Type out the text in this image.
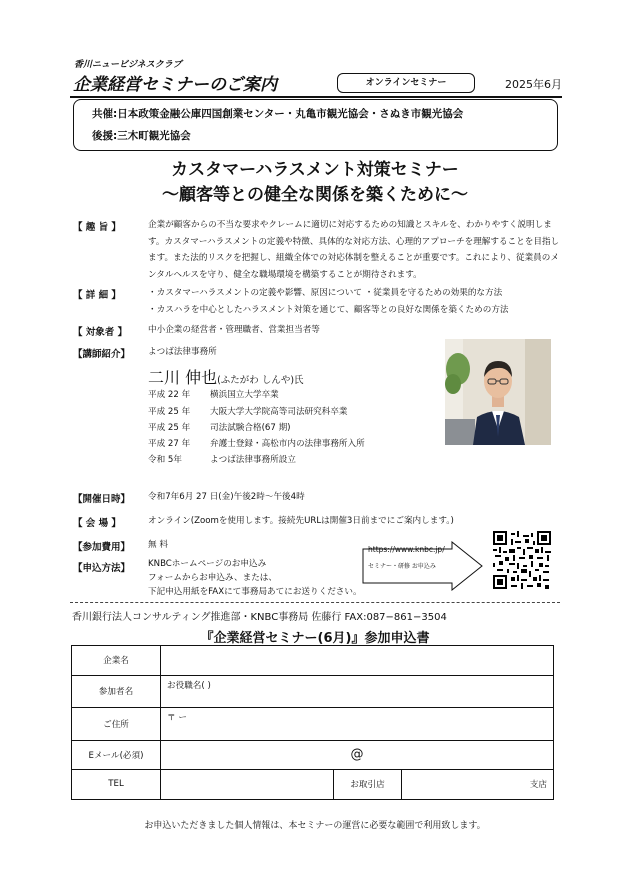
香川ニュービジネスクラブ
企業経営セミナーのご案内	オンラインセミナー	2025年6月
共催:日本政策金融公庫四国創業センター・丸亀市観光協会・さぬき市観光協会
後援:三木町観光協会
カスタマーハラスメント対策セミナー
〜顧客等との健全な関係を築くために〜
【 趣 旨 】	企業が顧客からの不当な要求やクレームに適切に対応するための知識とスキルを、わかりやすく説明します。カスタマーハラスメントの定義や特徴、具体的な対応方法、心理的アプローチを理解することを目指します。また法的リスクを把握し、組織全体での対応体制を整えることが重要です。これにより、従業員のメンタルヘルスを守り、健全な職場環境を構築することが期待されます。
【 詳 細 】	・カスタマーハラスメントの定義や影響、原因について ・従業員を守るための効果的な方法
・カスハラを中心としたハラスメント対策を通じて、顧客等との良好な関係を築くための方法
【 対象者 】 中小企業の経営者・管理職者、営業担当者等
【講師紹介】 よつば法律事務所
二川 伸也(ふたがわ しんや)氏
平成 22 年 横浜国立大学卒業
平成 25 年 大阪大学大学院高等司法研究科卒業
平成 25 年 司法試験合格(67 期)
平成 27 年 弁護士登録・高松市内の法律事務所入所
令和 5年	よつば法律事務所設立
【開催日時】 令和7年6月 27 日(金)午後2時〜午後4時
【 会 場 】	オンライン(Zoomを使用します。接続先URLは開催3日前までにご案内します。)
【参加費用】 無 料
【申込方法】 KNBCホームページのお申込み
フォームからお申込み、または、
下記申込用紙をFAXにて事務局あてにお送りください。
https://www.knbc.jp/
セミナー・研修 お申込み
香川銀行法人コンサルティング推進部・KNBC事務局 佐藤行 FAX:087−861−3504
『企業経営セミナー(6月)』参加申込書
企業名			
参加者名	お役職名( )		
ご住所	〒 ー		
Eメール(必須)	@		
TEL		お取引店	支店
お申込いただきました個人情報は、本セミナーの運営に必要な範囲で利用致します。
